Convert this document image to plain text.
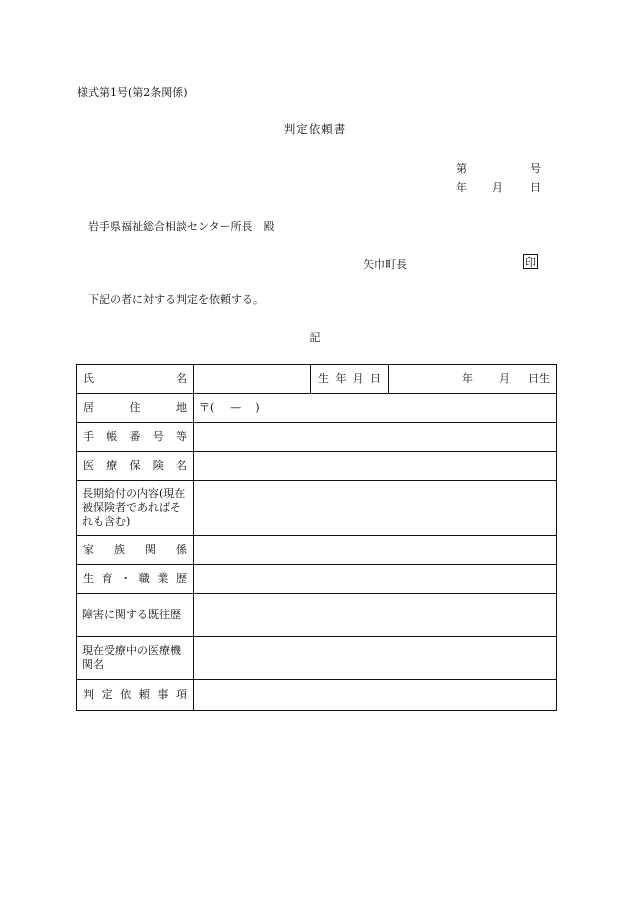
様式第1号(第2条関係)
判定依頼書
第	号
年 月 日
岩手県福祉総合相談センター所長　殿
矢巾町長	印
下記の者に対する判定を依頼する。
記
氏　　　　名		生年月日	年 月 日生
居　　住　　地	〒( — )		
手帳番号等			
医療保険名			
長期給付の内容(現在被保険者であればそれも含む)			
家族関係			
生育・職業歴			
障害に関する既往歴			
現在受療中の医療機関名			
判定依頼事項			
